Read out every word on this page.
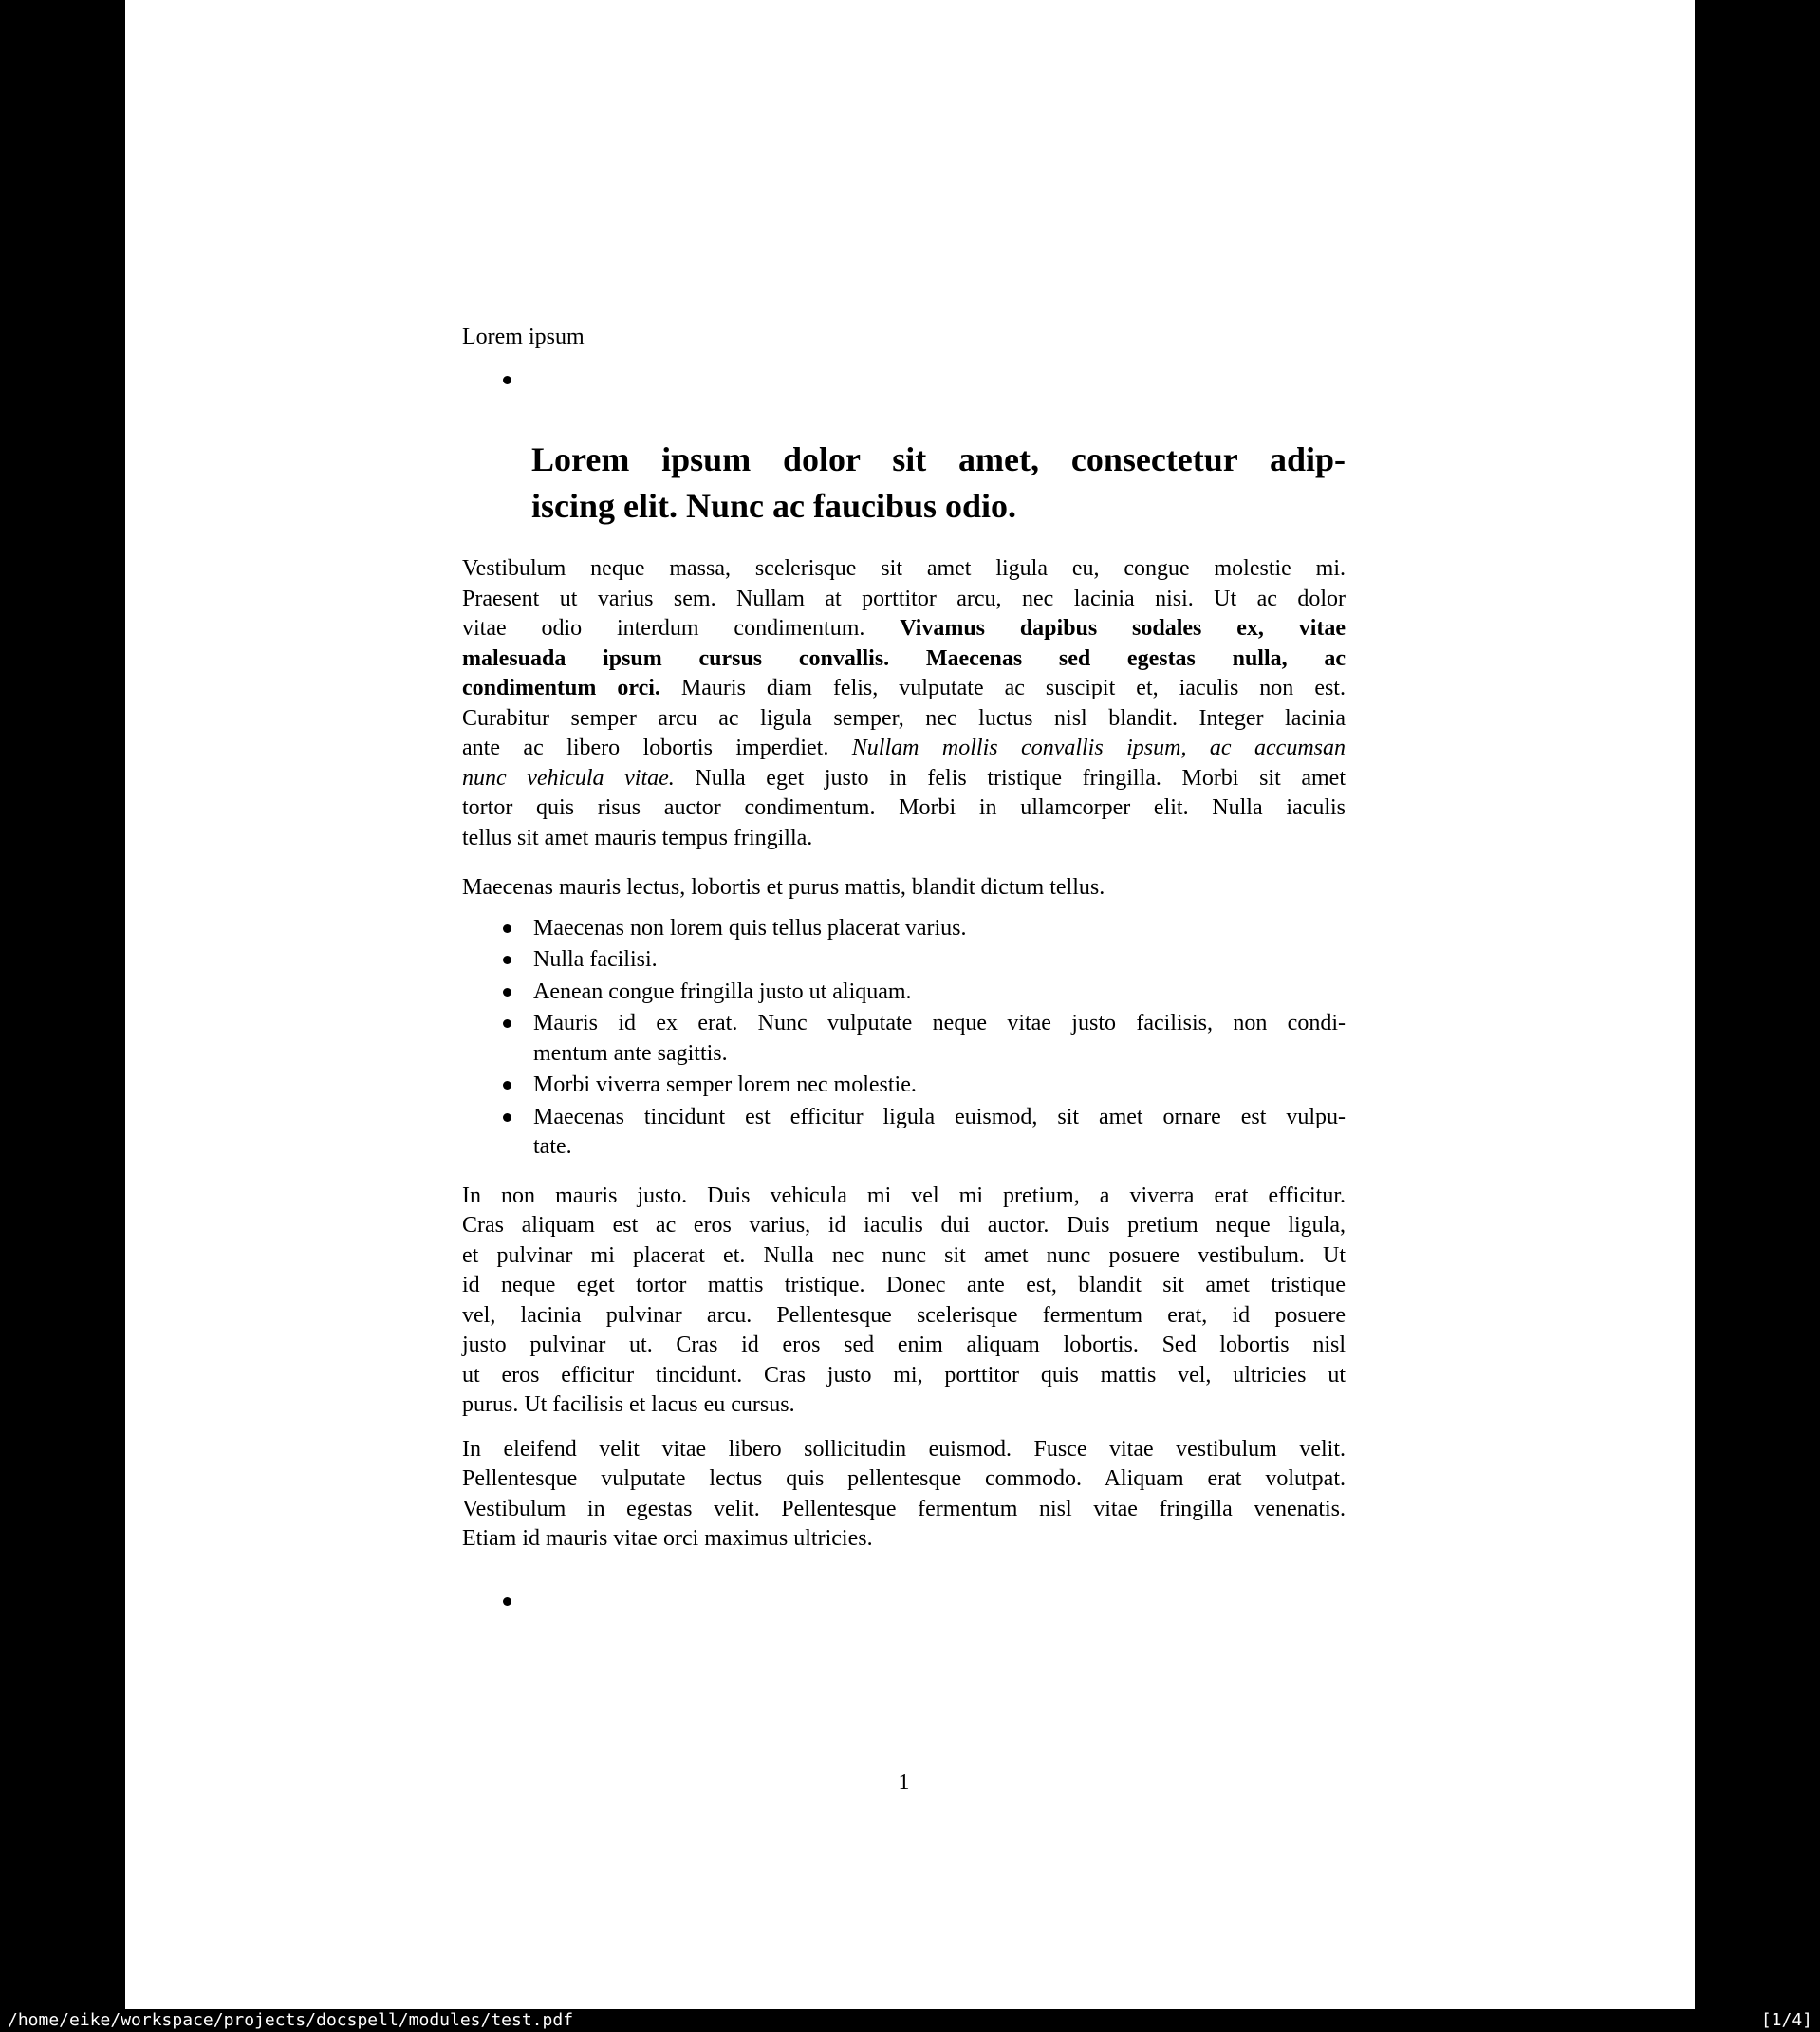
Lorem ipsum
Lorem ipsum dolor sit amet, consectetur adip-
iscing elit. Nunc ac faucibus odio.
Vestibulum neque massa, scelerisque sit amet ligula eu, congue molestie mi.
Praesent ut varius sem. Nullam at porttitor arcu, nec lacinia nisi. Ut ac dolor
vitae odio interdum condimentum. Vivamus dapibus sodales ex, vitae
malesuada ipsum cursus convallis. Maecenas sed egestas nulla, ac
condimentum orci. Mauris diam felis, vulputate ac suscipit et, iaculis non est.
Curabitur semper arcu ac ligula semper, nec luctus nisl blandit. Integer lacinia
ante ac libero lobortis imperdiet. Nullam mollis convallis ipsum, ac accumsan
nunc vehicula vitae. Nulla eget justo in felis tristique fringilla. Morbi sit amet
tortor quis risus auctor condimentum. Morbi in ullamcorper elit. Nulla iaculis
tellus sit amet mauris tempus fringilla.
Maecenas mauris lectus, lobortis et purus mattis, blandit dictum tellus.
Maecenas non lorem quis tellus placerat varius.
Nulla facilisi.
Aenean congue fringilla justo ut aliquam.
Mauris id ex erat. Nunc vulputate neque vitae justo facilisis, non condi-
mentum ante sagittis.
Morbi viverra semper lorem nec molestie.
Maecenas tincidunt est efficitur ligula euismod, sit amet ornare est vulpu-
tate.
In non mauris justo. Duis vehicula mi vel mi pretium, a viverra erat efficitur.
Cras aliquam est ac eros varius, id iaculis dui auctor. Duis pretium neque ligula,
et pulvinar mi placerat et. Nulla nec nunc sit amet nunc posuere vestibulum. Ut
id neque eget tortor mattis tristique. Donec ante est, blandit sit amet tristique
vel, lacinia pulvinar arcu. Pellentesque scelerisque fermentum erat, id posuere
justo pulvinar ut. Cras id eros sed enim aliquam lobortis. Sed lobortis nisl
ut eros efficitur tincidunt. Cras justo mi, porttitor quis mattis vel, ultricies ut
purus. Ut facilisis et lacus eu cursus.
In eleifend velit vitae libero sollicitudin euismod. Fusce vitae vestibulum velit.
Pellentesque vulputate lectus quis pellentesque commodo. Aliquam erat volutpat.
Vestibulum in egestas velit. Pellentesque fermentum nisl vitae fringilla venenatis.
Etiam id mauris vitae orci maximus ultricies.
1
/home/eike/workspace/projects/docspell/modules/test.pdf	[1/4]
